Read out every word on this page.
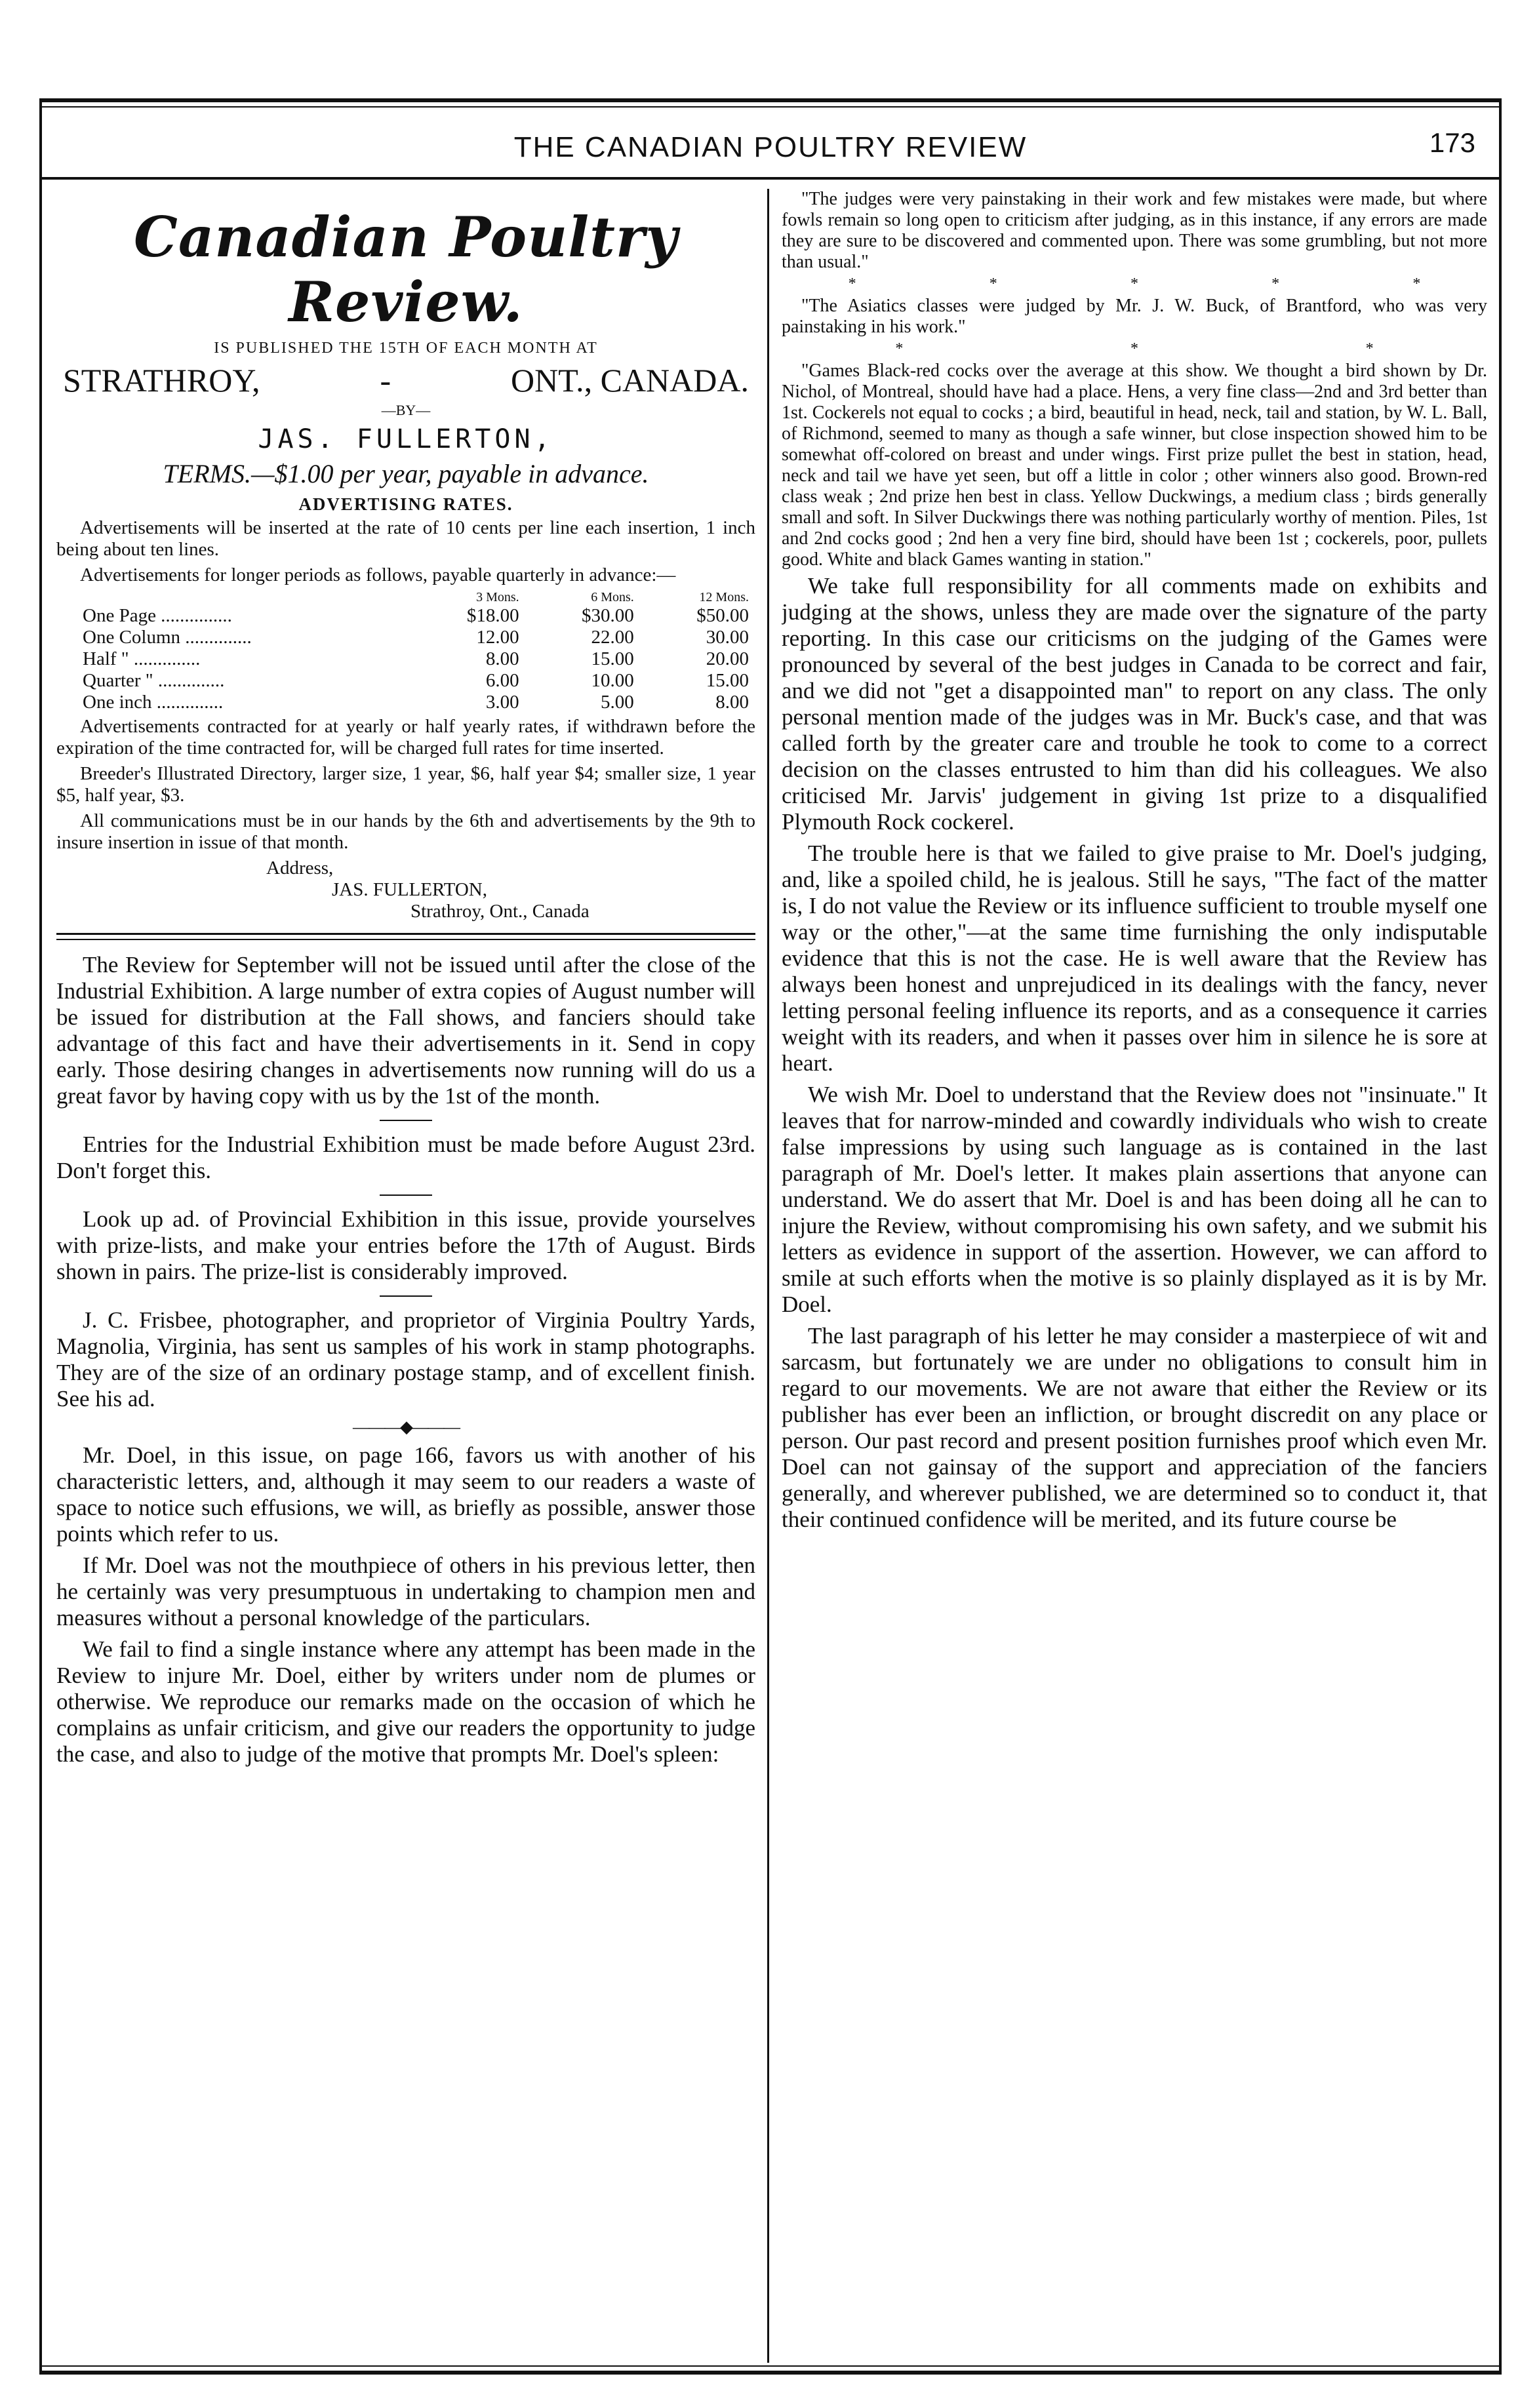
THE CANADIAN POULTRY REVIEW	173
Canadian Poultry Review.
IS PUBLISHED THE 15TH OF EACH MONTH AT
STRATHROY,	-	ONT., CANADA.
—BY—
JAS. FULLERTON,
TERMS.—$1.00 per year, payable in advance.
ADVERTISING RATES.

Advertisements will be inserted at the rate of 10 cents per line each insertion, 1 inch being about ten lines.

Advertisements for longer periods as follows, payable quarterly in advance:—

	3 Mons.	6 Mons.	12 Mons.
One Page ...............	$18.00	$30.00	$50.00
One Column ..............	12.00	22.00	30.00
Half " ..............	8.00	15.00	20.00
Quarter " ..............	6.00	10.00	15.00
One inch ..............	3.00	5.00	8.00

Advertisements contracted for at yearly or half yearly rates, if withdrawn before the expiration of the time contracted for, will be charged full rates for time inserted.

Breeder's Illustrated Directory, larger size, 1 year, $6, half year $4; smaller size, 1 year $5, half year, $3.

All communications must be in our hands by the 6th and advertisements by the 9th to insure insertion in issue of that month.

Address,
JAS. FULLERTON,
Strathroy, Ont., Canada

The Review for September will not be issued until after the close of the Industrial Exhibition. A large number of extra copies of August number will be issued for distribution at the Fall shows, and fanciers should take advantage of this fact and have their advertisements in it. Send in copy early. Those desiring changes in advertisements now running will do us a great favor by having copy with us by the 1st of the month.

Entries for the Industrial Exhibition must be made before August 23rd. Don't forget this.

Look up ad. of Provincial Exhibition in this issue, provide yourselves with prize-lists, and make your entries before the 17th of August. Birds shown in pairs. The prize-list is considerably improved.

J. C. Frisbee, photographer, and proprietor of Virginia Poultry Yards, Magnolia, Virginia, has sent us samples of his work in stamp photographs. They are of the size of an ordinary postage stamp, and of excellent finish. See his ad.

———◆———

Mr. Doel, in this issue, on page 166, favors us with another of his characteristic letters, and, although it may seem to our readers a waste of space to notice such effusions, we will, as briefly as possible, answer those points which refer to us.

If Mr. Doel was not the mouthpiece of others in his previous letter, then he certainly was very presumptuous in undertaking to champion men and measures without a personal knowledge of the particulars.

We fail to find a single instance where any attempt has been made in the Review to injure Mr. Doel, either by writers under nom de plumes or otherwise. We reproduce our remarks made on the occasion of which he complains as unfair criticism, and give our readers the opportunity to judge the case, and also to judge of the motive that prompts Mr. Doel's spleen:

"The judges were very painstaking in their work and few mistakes were made, but where fowls remain so long open to criticism after judging, as in this instance, if any errors are made they are sure to be discovered and commented upon. There was some grumbling, but not more than usual."

*	*	*	*	*

"The Asiatics classes were judged by Mr. J. W. Buck, of Brantford, who was very painstaking in his work."

*	*	*

"Games Black-red cocks over the average at this show. We thought a bird shown by Dr. Nichol, of Montreal, should have had a place. Hens, a very fine class—2nd and 3rd better than 1st. Cockerels not equal to cocks ; a bird, beautiful in head, neck, tail and station, by W. L. Ball, of Richmond, seemed to many as though a safe winner, but close inspection showed him to be somewhat off-colored on breast and under wings. First prize pullet the best in station, head, neck and tail we have yet seen, but off a little in color ; other winners also good. Brown-red class weak ; 2nd prize hen best in class. Yellow Duckwings, a medium class ; birds generally small and soft. In Silver Duckwings there was nothing particularly worthy of mention. Piles, 1st and 2nd cocks good ; 2nd hen a very fine bird, should have been 1st ; cockerels, poor, pullets good. White and black Games wanting in station."

We take full responsibility for all comments made on exhibits and judging at the shows, unless they are made over the signature of the party reporting. In this case our criticisms on the judging of the Games were pronounced by several of the best judges in Canada to be correct and fair, and we did not "get a disappointed man" to report on any class. The only personal mention made of the judges was in Mr. Buck's case, and that was called forth by the greater care and trouble he took to come to a correct decision on the classes entrusted to him than did his colleagues. We also criticised Mr. Jarvis' judgement in giving 1st prize to a disqualified Plymouth Rock cockerel.

The trouble here is that we failed to give praise to Mr. Doel's judging, and, like a spoiled child, he is jealous. Still he says, "The fact of the matter is, I do not value the Review or its influence sufficient to trouble myself one way or the other,"—at the same time furnishing the only indisputable evidence that this is not the case. He is well aware that the Review has always been honest and unprejudiced in its dealings with the fancy, never letting personal feeling influence its reports, and as a consequence it carries weight with its readers, and when it passes over him in silence he is sore at heart.

We wish Mr. Doel to understand that the Review does not "insinuate." It leaves that for narrow-minded and cowardly individuals who wish to create false impressions by using such language as is contained in the last paragraph of Mr. Doel's letter. It makes plain assertions that anyone can understand. We do assert that Mr. Doel is and has been doing all he can to injure the Review, without compromising his own safety, and we submit his letters as evidence in support of the assertion. However, we can afford to smile at such efforts when the motive is so plainly displayed as it is by Mr. Doel.

The last paragraph of his letter he may consider a masterpiece of wit and sarcasm, but fortunately we are under no obligations to consult him in regard to our movements. We are not aware that either the Review or its publisher has ever been an infliction, or brought discredit on any place or person. Our past record and present position furnishes proof which even Mr. Doel can not gainsay of the support and appreciation of the fanciers generally, and wherever published, we are determined so to conduct it, that their continued confidence will be merited, and its future course be
